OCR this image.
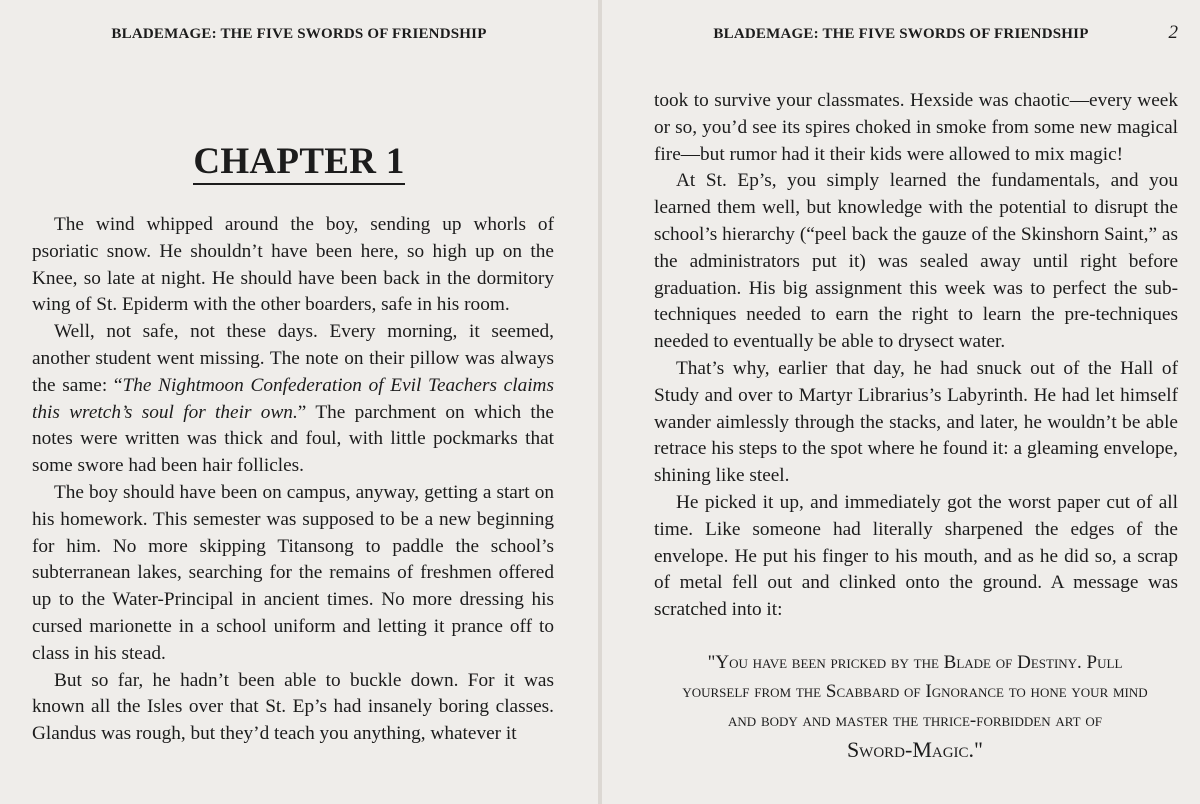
BLADEMAGE: THE FIVE SWORDS OF FRIENDSHIP
CHAPTER 1

The wind whipped around the boy, sending up whorls of psoriatic snow. He shouldn’t have been here, so high up on the Knee, so late at night. He should have been back in the dormitory wing of St. Epiderm with the other boarders, safe in his room.

Well, not safe, not these days. Every morning, it seemed, another student went missing. The note on their pillow was always the same: “The Nightmoon Confederation of Evil Teachers claims this wretch’s soul for their own.” The parchment on which the notes were written was thick and foul, with little pockmarks that some swore had been hair follicles.

The boy should have been on campus, anyway, getting a start on his homework. This semester was supposed to be a new beginning for him. No more skipping Titansong to paddle the school’s subterranean lakes, searching for the remains of freshmen offered up to the Water-Principal in ancient times. No more dressing his cursed marionette in a school uniform and letting it prance off to class in his stead.

But so far, he hadn’t been able to buckle down. For it was known all the Isles over that St. Ep’s had insanely boring classes. Glandus was rough, but they’d teach you anything, whatever it

BLADEMAGE: THE FIVE SWORDS OF FRIENDSHIP	2

took to survive your classmates. Hexside was chaotic—every week or so, you’d see its spires choked in smoke from some new magical fire—but rumor had it their kids were allowed to mix magic!

At St. Ep’s, you simply learned the fundamentals, and you learned them well, but knowledge with the potential to disrupt the school’s hierarchy (“peel back the gauze of the Skinshorn Saint,” as the administrators put it) was sealed away until right before graduation. His big assignment this week was to perfect the sub-techniques needed to earn the right to learn the pre-techniques needed to eventually be able to drysect water.

That’s why, earlier that day, he had snuck out of the Hall of Study and over to Martyr Librarius’s Labyrinth. He had let himself wander aimlessly through the stacks, and later, he wouldn’t be able retrace his steps to the spot where he found it: a gleaming envelope, shining like steel.

He picked it up, and immediately got the worst paper cut of all time. Like someone had literally sharpened the edges of the envelope. He put his finger to his mouth, and as he did so, a scrap of metal fell out and clinked onto the ground. A message was scratched into it:

"You have been pricked by the Blade of Destiny. Pull yourself from the Scabbard of Ignorance to hone your mind and body and master the thrice-forbidden art of
Sword-Magic."
